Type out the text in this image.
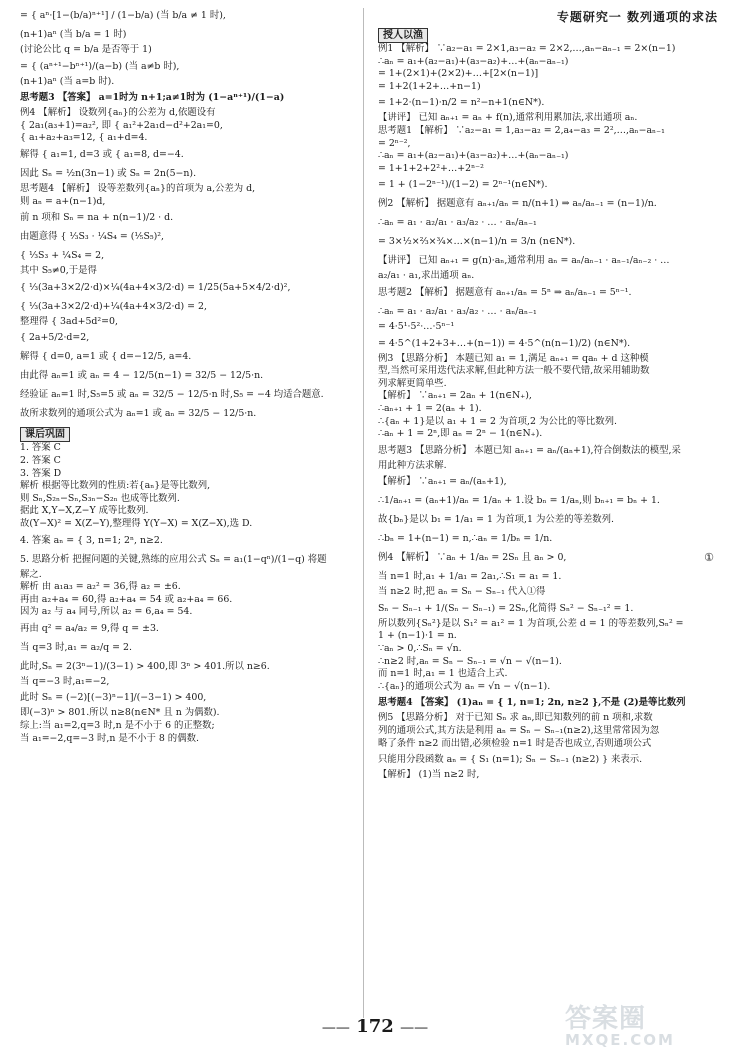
= { aⁿ·[1−(b/a)ⁿ⁺¹] / (1−b/a) (当 b/a ≠ 1 时),
(n+1)aⁿ (当 b/a = 1 时)
(讨论公比 q = b/a 是否等于 1)
= { (aⁿ⁺¹−bⁿ⁺¹)/(a−b) (当 a≠b 时),
(n+1)aⁿ (当 a=b 时).
思考题3 【答案】 a=1时为 n+1;a≠1时为 (1−aⁿ⁺¹)/(1−a)
例4 【解析】 设数列{aₙ}的公差为 d,依题设有
{ 2a₁(a₃+1)=a₂², 即 { a₁²+2a₁d−d²+2a₁=0,
{ a₁+a₂+a₃=12, { a₁+d=4.
解得 { a₁=1, d=3 或 { a₁=8, d=−4.
因此 Sₙ = ½n(3n−1) 或 Sₙ = 2n(5−n).
思考题4 【解析】 设等差数列{aₙ}的首项为 a,公差为 d,
则 aₙ = a+(n−1)d,
前 n 项和 Sₙ = na + n(n−1)/2 · d.
由题意得 { ⅓S₃ · ¼S₄ = (⅕S₅)²,
{ ⅓S₃ + ¼S₄ = 2,
其中 S₅≠0,于是得
{ ⅓(3a+3×2/2·d)×¼(4a+4×3/2·d) = 1/25(5a+5×4/2·d)²,
{ ⅓(3a+3×2/2·d)+¼(4a+4×3/2·d) = 2,
整理得 { 3ad+5d²=0,
{ 2a+5/2·d=2,
解得 { d=0, a=1 或 { d=−12/5, a=4.
由此得 aₙ=1 或 aₙ = 4 − 12/5(n−1) = 32/5 − 12/5·n.
经验证 aₙ=1 时,S₅=5 或 aₙ = 32/5 − 12/5·n 时,S₅ = −4 均适合题意.
故所求数列的通项公式为 aₙ=1 或 aₙ = 32/5 − 12/5·n.
课后巩固
1. 答案 C
2. 答案 C
3. 答案 D
解析 根据等比数列的性质:若{aₙ}是等比数列,
则 Sₙ,S₂ₙ−Sₙ,S₃ₙ−S₂ₙ 也成等比数列.
据此 X,Y−X,Z−Y 成等比数列.
故(Y−X)² = X(Z−Y),整理得 Y(Y−X) = X(Z−X),选 D.
4. 答案 aₙ = { 3, n=1; 2ⁿ, n≥2.
5. 思路分析 把握问题的关键,熟练的应用公式 Sₙ = a₁(1−qⁿ)/(1−q) 将题
解之.
解析 由 a₁a₃ = a₂² = 36,得 a₂ = ±6.
再由 a₂+a₄ = 60,得 a₂+a₄ = 54 或 a₂+a₄ = 66.
因为 a₂ 与 a₄ 同号,所以 a₂ = 6,a₄ = 54.
再由 q² = a₄/a₂ = 9,得 q = ±3.
当 q=3 时,a₁ = a₂/q = 2.
此时,Sₙ = 2(3ⁿ−1)/(3−1) > 400,即 3ⁿ > 401.所以 n≥6.
当 q=−3 时,a₁=−2,
此时 Sₙ = (−2)[(−3)ⁿ−1]/(−3−1) > 400,
即(−3)ⁿ > 801.所以 n≥8(n∈N* 且 n 为偶数).
综上:当 a₁=2,q=3 时,n 是不小于 6 的正整数;
当 a₁=−2,q=−3 时,n 是不小于 8 的偶数.
专题研究一 数列通项的求法
授人以渔
例1 【解析】 ∵a₂−a₁ = 2×1,a₃−a₂ = 2×2,…,aₙ−aₙ₋₁ = 2×(n−1)
∴aₙ = a₁+(a₂−a₁)+(a₃−a₂)+…+(aₙ−aₙ₋₁)
= 1+(2×1)+(2×2)+…+[2×(n−1)]
= 1+2(1+2+…+n−1)
= 1+2·(n−1)·n/2 = n²−n+1(n∈N*).
【讲评】 已知 aₙ₊₁ = aₙ + f(n),通常利用累加法,求出通项 aₙ.
思考题1 【解析】 ∵a₂−a₁ = 1,a₃−a₂ = 2,a₄−a₃ = 2²,…,aₙ−aₙ₋₁
= 2ⁿ⁻²,
∴aₙ = a₁+(a₂−a₁)+(a₃−a₂)+…+(aₙ−aₙ₋₁)
= 1+1+2+2²+…+2ⁿ⁻²
= 1 + (1−2ⁿ⁻¹)/(1−2) = 2ⁿ⁻¹(n∈N*).
例2 【解析】 据题意有 aₙ₊₁/aₙ = n/(n+1) ⇒ aₙ/aₙ₋₁ = (n−1)/n.
∴aₙ = a₁ · a₂/a₁ · a₃/a₂ · … · aₙ/aₙ₋₁
= 3×½×⅔×¾×…×(n−1)/n = 3/n (n∈N*).
【讲评】 已知 aₙ₊₁ = g(n)·aₙ,通常利用 aₙ = aₙ/aₙ₋₁ · aₙ₋₁/aₙ₋₂ · …
a₂/a₁ · a₁,求出通项 aₙ.
思考题2 【解析】 据题意有 aₙ₊₁/aₙ = 5ⁿ ⇒ aₙ/aₙ₋₁ = 5ⁿ⁻¹.
∴aₙ = a₁ · a₂/a₁ · a₃/a₂ · … · aₙ/aₙ₋₁
= 4·5¹·5²·…·5ⁿ⁻¹
= 4·5^(1+2+3+…+(n−1)) = 4·5^(n(n−1)/2) (n∈N*).
例3 【思路分析】 本题已知 a₁ = 1,满足 aₙ₊₁ = qaₙ + d 这种模
型,当然可采用迭代法求解,但此种方法一般不要代错,故采用辅助数
列求解更简单些.
【解析】 ∵aₙ₊₁ = 2aₙ + 1(n∈N₊),
∴aₙ₊₁ + 1 = 2(aₙ + 1).
∴{aₙ + 1}是以 a₁ + 1 = 2 为首项,2 为公比的等比数列.
∴aₙ + 1 = 2ⁿ,即 aₙ = 2ⁿ − 1(n∈N₊).
思考题3 【思路分析】 本题已知 aₙ₊₁ = aₙ/(aₙ+1),符合倒数法的模型,采
用此种方法求解.
【解析】 ∵aₙ₊₁ = aₙ/(aₙ+1),
∴1/aₙ₊₁ = (aₙ+1)/aₙ = 1/aₙ + 1.设 bₙ = 1/aₙ,则 bₙ₊₁ = bₙ + 1.
故{bₙ}是以 b₁ = 1/a₁ = 1 为首项,1 为公差的等差数列.
∴bₙ = 1+(n−1) = n,∴aₙ = 1/bₙ = 1/n.
例4 【解析】 ∵aₙ + 1/aₙ = 2Sₙ 且 aₙ > 0,	①
当 n=1 时,a₁ + 1/a₁ = 2a₁,∴S₁ = a₁ = 1.
当 n≥2 时,把 aₙ = Sₙ − Sₙ₋₁ 代入①得
Sₙ − Sₙ₋₁ + 1/(Sₙ − Sₙ₋₁) = 2Sₙ,化简得 Sₙ² − Sₙ₋₁² = 1.
所以数列{Sₙ²}是以 S₁² = a₁² = 1 为首项,公差 d = 1 的等差数列,Sₙ² =
1 + (n−1)·1 = n.
∵aₙ > 0,∴Sₙ = √n.
∴n≥2 时,aₙ = Sₙ − Sₙ₋₁ = √n − √(n−1).
而 n=1 时,a₁ = 1 也适合上式.
∴{aₙ}的通项公式为 aₙ = √n − √(n−1).
思考题4 【答案】 (1)aₙ = { 1, n=1; 2n, n≥2 },不是 (2)是等比数列
例5 【思路分析】 对于已知 Sₙ 求 aₙ,即已知数列的前 n 项和,求数
列的通项公式,其方法是利用 aₙ = Sₙ − Sₙ₋₁(n≥2),这里常常因为忽
略了条件 n≥2 而出错,必须检验 n=1 时是否也成立,否则通项公式
只能用分段函数 aₙ = { S₁ (n=1); Sₙ − Sₙ₋₁ (n≥2) } 来表示.
【解析】 (1)当 n≥2 时,
—— 172 ——	答案圈
MXQE.COM
